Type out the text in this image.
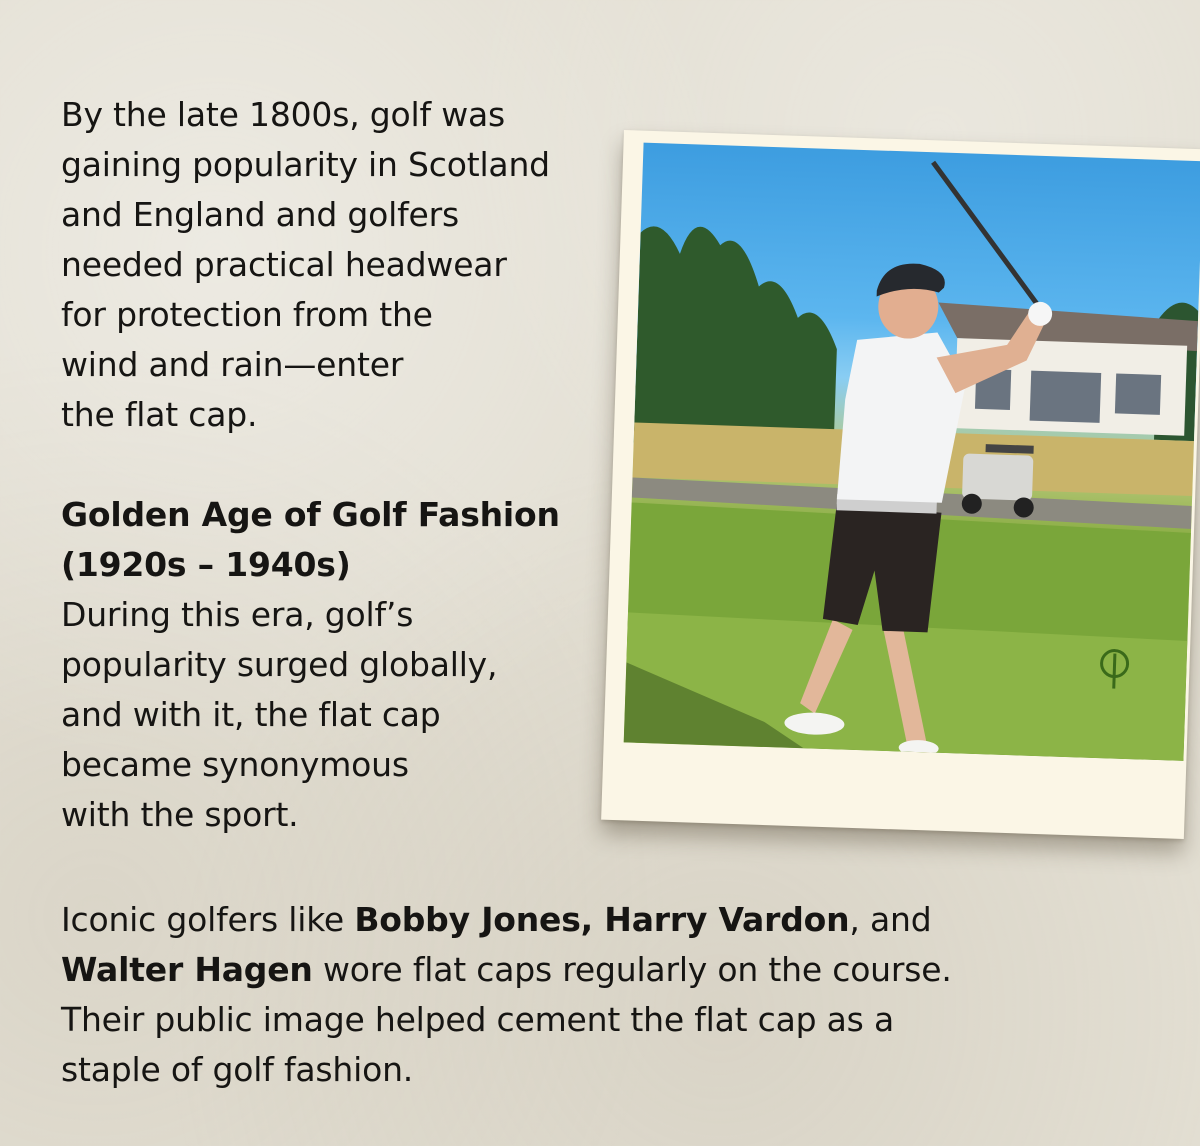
By the late 1800s, golf was
gaining popularity in Scotland
and England and golfers
needed practical headwear
for protection from the
wind and rain—enter
the flat cap.
Golden Age of Golf Fashion
(1920s – 1940s)
During this era, golf’s
popularity surged globally,
and with it, the flat cap
became synonymous
with the sport.
Iconic golfers like Bobby Jones, Harry Vardon, and
Walter Hagen wore flat caps regularly on the course.
Their public image helped cement the flat cap as a
staple of golf fashion.
